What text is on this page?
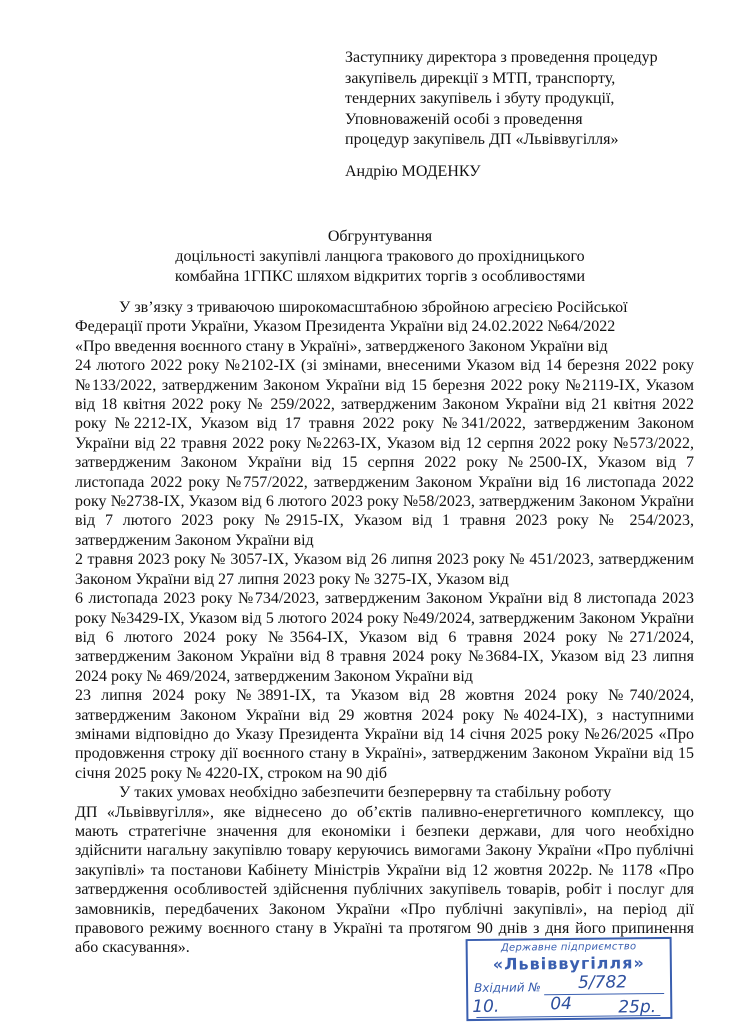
Заступнику директора з проведення процедур
закупівель дирекції з МТП, транспорту,
тендерних закупівель і збуту продукції,
Уповноваженій особі з проведення
процедур закупівель ДП «Львіввугілля»
Андрію МОДЕНКУ
Обгрунтування
доцільності закупівлі ланцюга тракового до прохідницького
комбайна 1ГПКС шляхом відкритих торгів з особливостями

У зв’язку з триваючою широкомасштабною збройною агресією Російської

Федерації проти України, Указом Президента України від 24.02.2022 №64/2022

«Про введення воєнного стану в Україні», затвердженого Законом України від

24 лютого 2022 року №2102-IX (зі змінами, внесеними Указом від 14 березня 2022 року №133/2022, затвердженим Законом України від 15 березня 2022 року №2119-IX, Указом від 18 квітня 2022 року № 259/2022, затвердженим Законом України від 21 квітня 2022 року №2212-IX, Указом від 17 травня 2022 року №341/2022, затвердженим Законом України від 22 травня 2022 року №2263-IX, Указом від 12 серпня 2022 року №573/2022, затвердженим Законом України від 15 серпня 2022 року №2500-IX, Указом від 7 листопада 2022 року №757/2022, затвердженим Законом України від 16 листопада 2022 року №2738-IX, Указом від 6 лютого 2023 року №58/2023, затвердженим Законом України від 7 лютого 2023 року №2915-IX, Указом від 1 травня 2023 року № 254/2023, затвердженим Законом України від

2 травня 2023 року № 3057-IX, Указом від 26 липня 2023 року № 451/2023, затвердженим Законом України від 27 липня 2023 року № 3275-IX, Указом від

6 листопада 2023 року №734/2023, затвердженим Законом України від 8 листопада 2023 року №3429-IX, Указом від 5 лютого 2024 року №49/2024, затвердженим Законом України від 6 лютого 2024 року №3564-IX, Указом від 6 травня 2024 року №271/2024, затвердженим Законом України від 8 травня 2024 року №3684-IX, Указом від 23 липня 2024 року № 469/2024, затвердженим Законом України від

23 липня 2024 року №3891-IX, та Указом від 28 жовтня 2024 року №740/2024, затвердженим Законом України від 29 жовтня 2024 року №4024-IX), з наступними змінами відповідно до Указу Президента України від 14 січня 2025 року №26/2025 «Про продовження строку дії воєнного стану в Україні», затвердженим Законом України від 15 січня 2025 року № 4220-IX, строком на 90 діб

У таких умовах необхідно забезпечити безперервну та стабільну роботу

ДП «Львіввугілля», яке віднесено до об’єктів паливно-енергетичного комплексу, що мають стратегічне значення для економіки і безпеки держави, для чого необхідно здійснити нагальну закупівлю товару керуючись вимогами Закону України «Про публічні закупівлі» та постанови Кабінету Міністрів України від 12 жовтня 2022р. № 1178 «Про затвердження особливостей здійснення публічних закупівель товарів, робіт і послуг для замовників, передбачених Законом України «Про публічні закупівлі», на період дії правового режиму воєнного стану в Україні та протягом 90 днів з дня його припинення або скасування».	Державне підприємство
«Львіввугілля»
Вхідний № 5/782
10.	04	25р.
